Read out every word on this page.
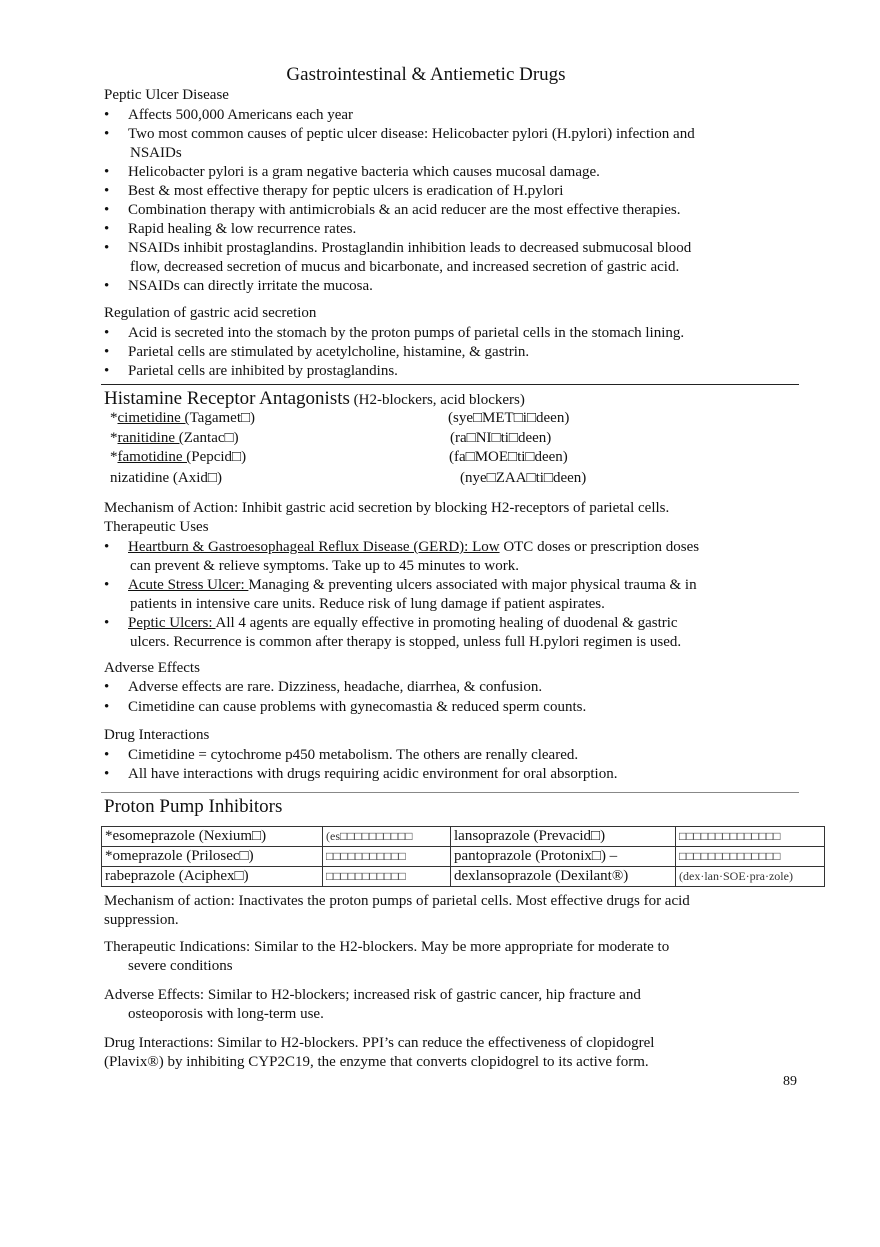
Gastrointestinal & Antiemetic Drugs
Peptic Ulcer Disease
• Affects 500,000 Americans each year
• Two most common causes of peptic ulcer disease: Helicobacter pylori (H.pylori) infection and
NSAIDs
• Helicobacter pylori is a gram negative bacteria which causes mucosal damage.
• Best & most effective therapy for peptic ulcers is eradication of H.pylori
• Combination therapy with antimicrobials & an acid reducer are the most effective therapies.
• Rapid healing & low recurrence rates.
• NSAIDs inhibit prostaglandins. Prostaglandin inhibition leads to decreased submucosal blood
flow, decreased secretion of mucus and bicarbonate, and increased secretion of gastric acid.
• NSAIDs can directly irritate the mucosa.
Regulation of gastric acid secretion
• Acid is secreted into the stomach by the proton pumps of parietal cells in the stomach lining.
• Parietal cells are stimulated by acetylcholine, histamine, & gastrin.
• Parietal cells are inhibited by prostaglandins.
Histamine Receptor Antagonists (H2-blockers, acid blockers)
*cimetidine (Tagamet□)	(sye□MET□i□deen)
*ranitidine (Zantac□)	(ra□NI□ti□deen)
*famotidine (Pepcid□)	(fa□MOE□ti□deen)
nizatidine (Axid□)	(nye□ZAA□ti□deen)
Mechanism of Action: Inhibit gastric acid secretion by blocking H2-receptors of parietal cells.
Therapeutic Uses
• Heartburn & Gastroesophageal Reflux Disease (GERD): Low OTC doses or prescription doses
can prevent & relieve symptoms. Take up to 45 minutes to work.
• Acute Stress Ulcer: Managing & preventing ulcers associated with major physical trauma & in
patients in intensive care units. Reduce risk of lung damage if patient aspirates.
• Peptic Ulcers: All 4 agents are equally effective in promoting healing of duodenal & gastric
ulcers. Recurrence is common after therapy is stopped, unless full H.pylori regimen is used.
Adverse Effects
• Adverse effects are rare. Dizziness, headache, diarrhea, & confusion.
• Cimetidine can cause problems with gynecomastia & reduced sperm counts.
Drug Interactions
• Cimetidine = cytochrome p450 metabolism. The others are renally cleared.
• All have interactions with drugs requiring acidic environment for oral absorption.
Proton Pump Inhibitors
*esomeprazole (Nexium□)	(es□□□□□□□□□□	lansoprazole (Prevacid□)	□□□□□□□□□□□□□□
*omeprazole (Prilosec□)	□□□□□□□□□□□	pantoprazole (Protonix□) –	□□□□□□□□□□□□□□
rabeprazole (Aciphex□)	□□□□□□□□□□□	dexlansoprazole (Dexilant®)	(dex·lan·SOE·pra·zole)
Mechanism of action: Inactivates the proton pumps of parietal cells. Most effective drugs for acid
suppression.
Therapeutic Indications: Similar to the H2-blockers. May be more appropriate for moderate to
severe conditions
Adverse Effects: Similar to H2-blockers; increased risk of gastric cancer, hip fracture and
osteoporosis with long-term use.
Drug Interactions: Similar to H2-blockers. PPI’s can reduce the effectiveness of clopidogrel
(Plavix®) by inhibiting CYP2C19, the enzyme that converts clopidogrel to its active form.
89
